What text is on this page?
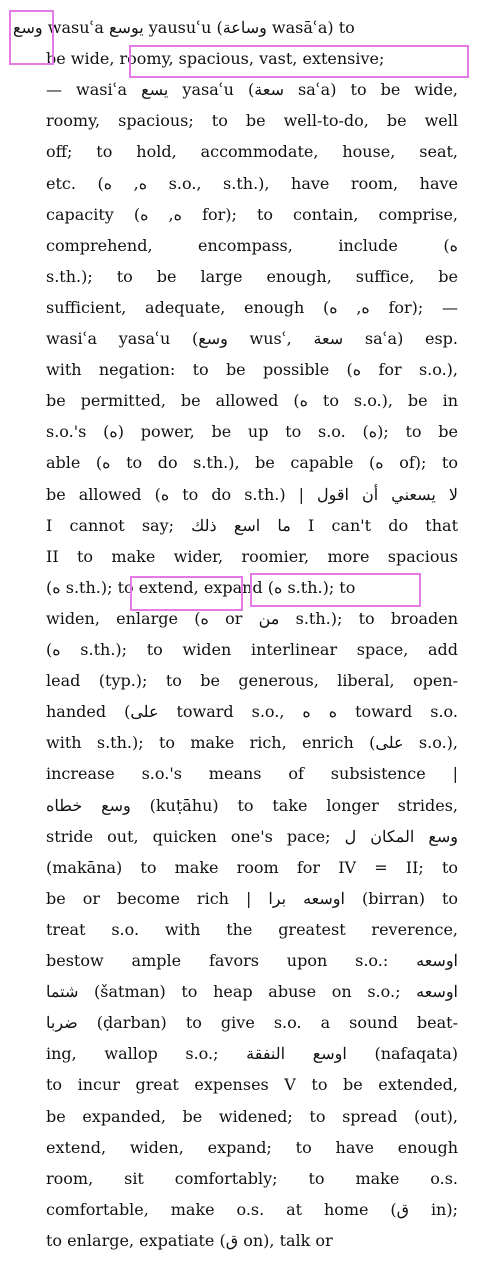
وسع wasuʿa يوسع yausuʿu (وساعة wasāʿa) to
be wide, roomy, spacious, vast, extensive;
— wasiʿa يسع yasaʿu (سعة saʿa) to be wide,
roomy, spacious; to be well-to-do, be well
off; to hold, accommodate, house, seat,
etc. (ه, ه s.o., s.th.), have room, have
capacity (ه, ه for); to contain, comprise,
comprehend, encompass, include (ه
s.th.); to be large enough, suffice, be
sufficient, adequate, enough (ه, ه for); —
wasiʿa yasaʿu (وسع wusʿ, سعة saʿa) esp.
with negation: to be possible (ه for s.o.),
be permitted, be allowed (ه to s.o.), be in
s.o.'s (ه) power, be up to s.o. (ه); to be
able (ه to do s.th.), be capable (ه of); to
be allowed (ه to do s.th.) | لا يسعني أن اقول
I cannot say; ما اسع ذلك I can't do that
II to make wider, roomier, more spacious
(ه s.th.); to extend, expand (ه s.th.); to
widen, enlarge (ه or من s.th.); to broaden
(ه s.th.); to widen interlinear space, add
lead (typ.); to be generous, liberal, open-
handed (على toward s.o., ه ه toward s.o.
with s.th.); to make rich, enrich (على s.o.),
increase s.o.'s means of subsistence |
وسع خطاه (kuṭāhu) to take longer strides,
stride out, quicken one's pace; وسع المكان ل
(makāna) to make room for IV = II; to
be or become rich | اوسعه برا (birran) to
treat s.o. with the greatest reverence,
bestow ample favors upon s.o.: اوسعه
شتما (šatman) to heap abuse on s.o.; اوسعه
ضربا (ḍarban) to give s.o. a sound beat-
ing, wallop s.o.; اوسع النفقة (nafaqata)
to incur great expenses V to be extended,
be expanded, be widened; to spread (out),
extend, widen, expand; to have enough
room, sit comfortably; to make o.s.
comfortable, make o.s. at home (ق in);
to enlarge, expatiate (ق on), talk or
